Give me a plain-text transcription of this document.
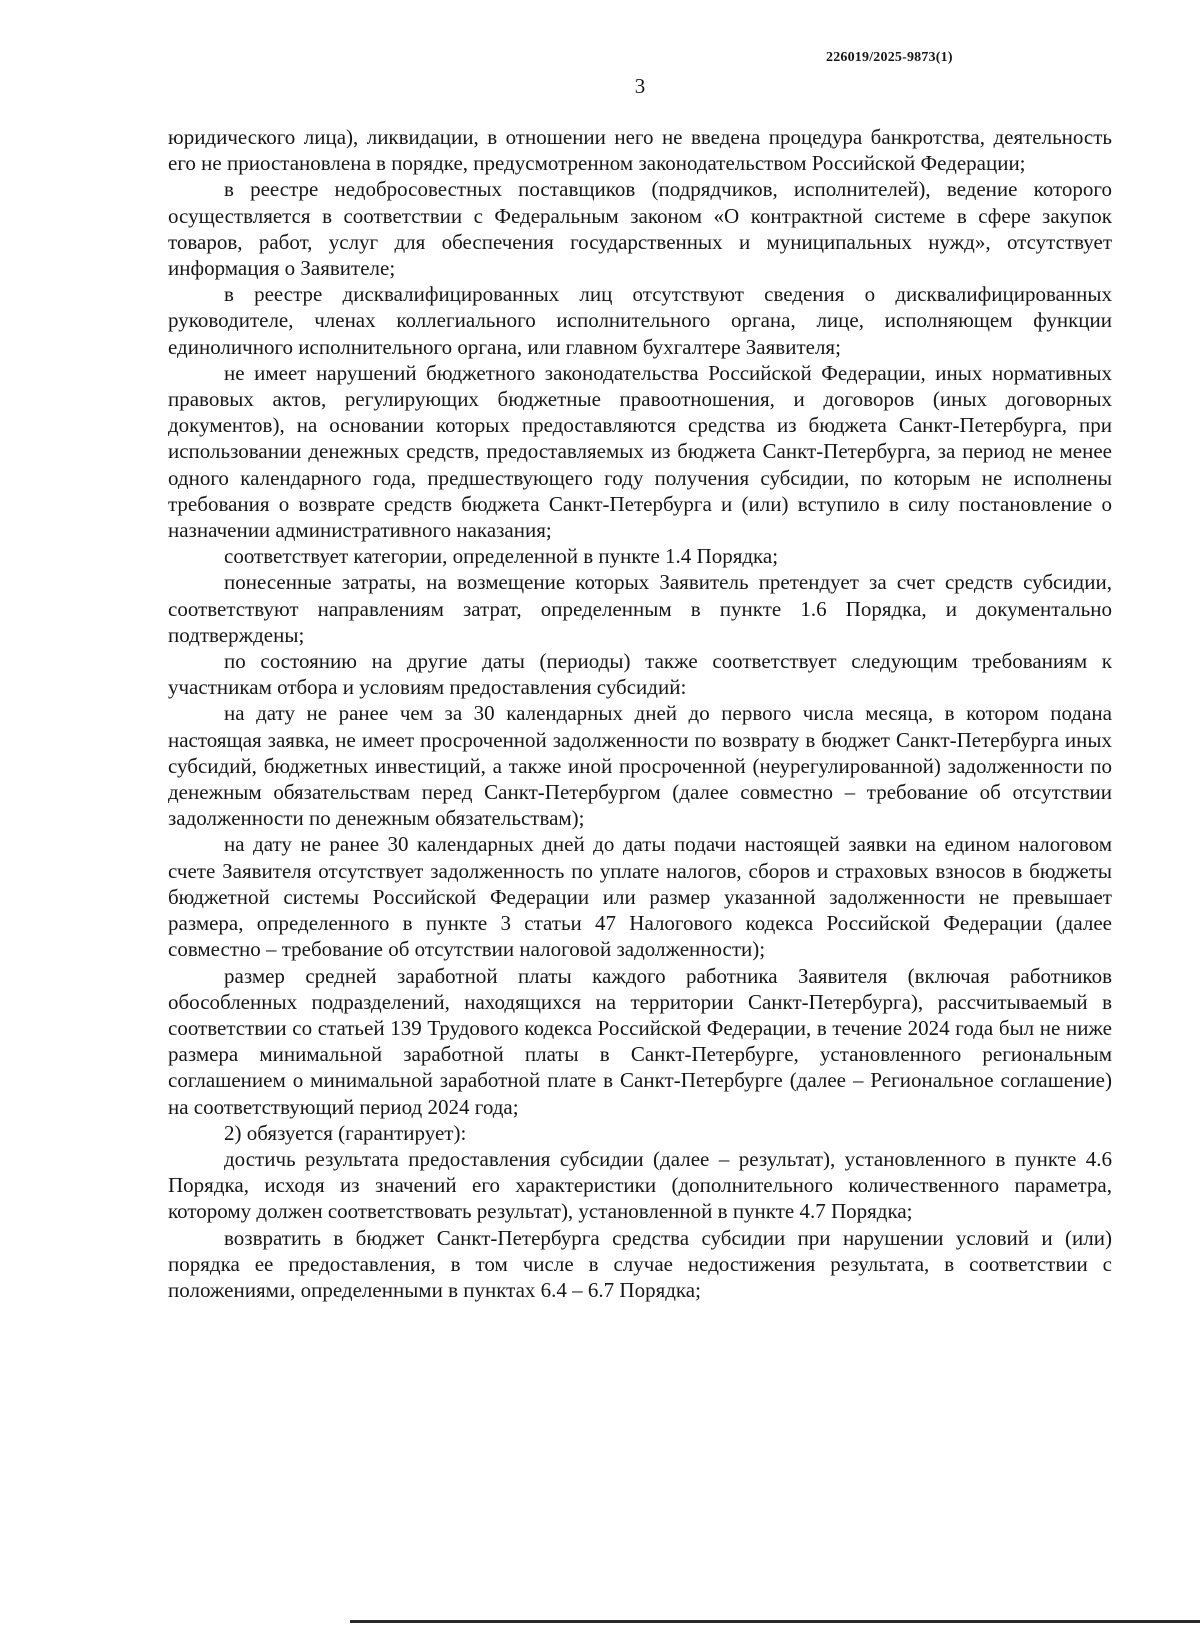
226019/2025-9873(1)
3

юридического лица), ликвидации, в отношении него не введена процедура банкротства, деятельность его не приостановлена в порядке, предусмотренном законодательством Российской Федерации;

в реестре недобросовестных поставщиков (подрядчиков, исполнителей), ведение которого осуществляется в соответствии с Федеральным законом «О контрактной системе в сфере закупок товаров, работ, услуг для обеспечения государственных и муниципальных нужд», отсутствует информация о Заявителе;

в реестре дисквалифицированных лиц отсутствуют сведения о дисквалифицированных руководителе, членах коллегиального исполнительного органа, лице, исполняющем функции единоличного исполнительного органа, или главном бухгалтере Заявителя;

не имеет нарушений бюджетного законодательства Российской Федерации, иных нормативных правовых актов, регулирующих бюджетные правоотношения, и договоров (иных договорных документов), на основании которых предоставляются средства из бюджета Санкт-Петербурга, при использовании денежных средств, предоставляемых из бюджета Санкт-Петербурга, за период не менее одного календарного года, предшествующего году получения субсидии, по которым не исполнены требования о возврате средств бюджета Санкт-Петербурга и (или) вступило в силу постановление о назначении административного наказания;

соответствует категории, определенной в пункте 1.4 Порядка;

понесенные затраты, на возмещение которых Заявитель претендует за счет средств субсидии, соответствуют направлениям затрат, определенным в пункте 1.6 Порядка, и документально подтверждены;

по состоянию на другие даты (периоды) также соответствует следующим требованиям к участникам отбора и условиям предоставления субсидий:

на дату не ранее чем за 30 календарных дней до первого числа месяца, в котором подана настоящая заявка, не имеет просроченной задолженности по возврату в бюджет Санкт-Петербурга иных субсидий, бюджетных инвестиций, а также иной просроченной (неурегулированной) задолженности по денежным обязательствам перед Санкт-Петербургом (далее совместно – требование об отсутствии задолженности по денежным обязательствам);

на дату не ранее 30 календарных дней до даты подачи настоящей заявки на едином налоговом счете Заявителя отсутствует задолженность по уплате налогов, сборов и страховых взносов в бюджеты бюджетной системы Российской Федерации или размер указанной задолженности не превышает размера, определенного в пункте 3 статьи 47 Налогового кодекса Российской Федерации (далее совместно – требование об отсутствии налоговой задолженности);

размер средней заработной платы каждого работника Заявителя (включая работников обособленных подразделений, находящихся на территории Санкт-Петербурга), рассчитываемый в соответствии со статьей 139 Трудового кодекса Российской Федерации, в течение 2024 года был не ниже размера минимальной заработной платы в Санкт-Петербурге, установленного региональным соглашением о минимальной заработной плате в Санкт-Петербурге (далее – Региональное соглашение) на соответствующий период 2024 года;

2) обязуется (гарантирует):

достичь результата предоставления субсидии (далее – результат), установленного в пункте 4.6 Порядка, исходя из значений его характеристики (дополнительного количественного параметра, которому должен соответствовать результат), установленной в пункте 4.7 Порядка;

возвратить в бюджет Санкт-Петербурга средства субсидии при нарушении условий и (или) порядка ее предоставления, в том числе в случае недостижения результата, в соответствии с положениями, определенными в пунктах 6.4 – 6.7 Порядка;
